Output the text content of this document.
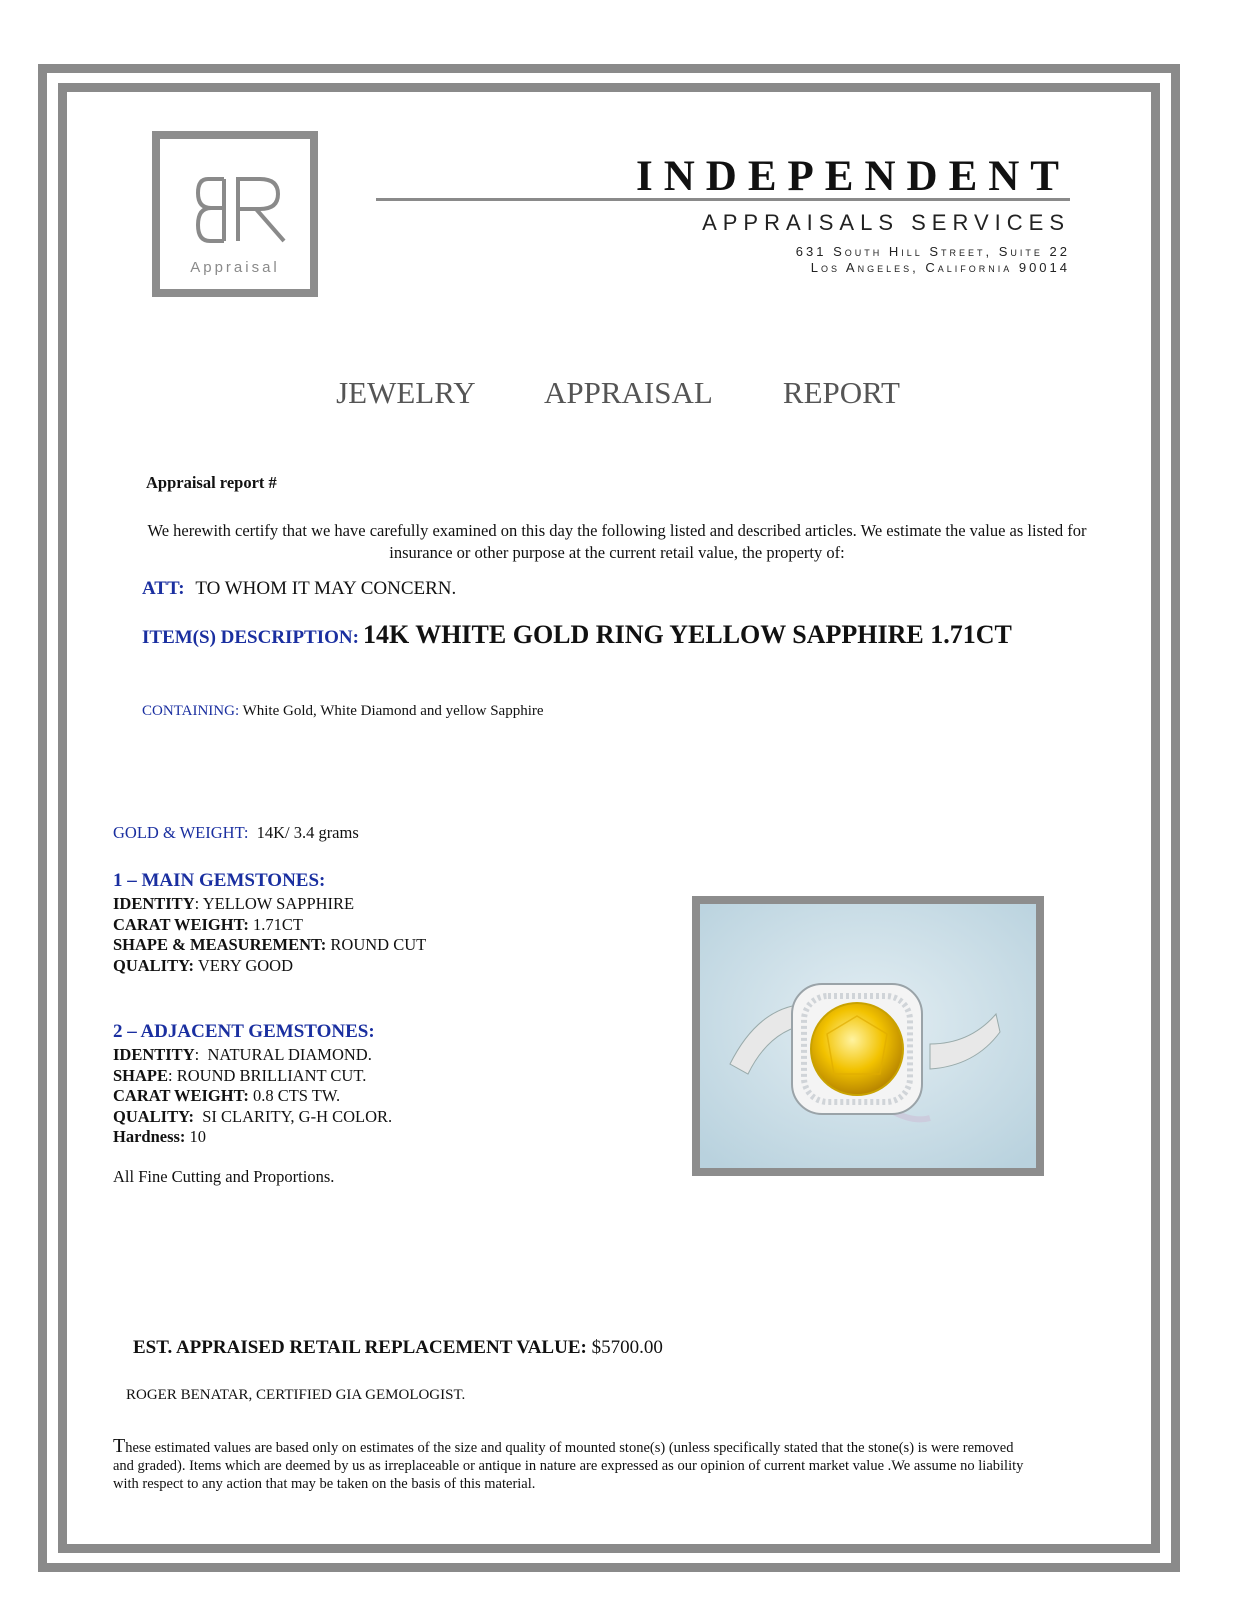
Appraisal
INDEPENDENT
APPRAISALS SERVICES
631 South Hill Street, Suite 22
Los Angeles, California 90014
JEWELRY   APPRAISAL   REPORT
Appraisal report #
We herewith certify that we have carefully examined on this day the following listed and described articles. We estimate the value as listed for insurance or other purpose at the current retail value, the property of:
ATT: TO WHOM IT MAY CONCERN.
ITEM(S) DESCRIPTION: 14K WHITE GOLD RING YELLOW SAPPHIRE 1.71CT
CONTAINING: White Gold, White Diamond and yellow Sapphire
GOLD & WEIGHT: 14K/ 3.4 grams
1 – MAIN GEMSTONES:
IDENTITY: YELLOW SAPPHIRE
CARAT WEIGHT: 1.71CT
SHAPE & MEASUREMENT: ROUND CUT
QUALITY: VERY GOOD
2 – ADJACENT GEMSTONES:
IDENTITY:  NATURAL DIAMOND.
SHAPE: ROUND BRILLIANT CUT.
CARAT WEIGHT: 0.8 CTS TW.
QUALITY: SI CLARITY, G-H COLOR.
Hardness: 10
All Fine Cutting and Proportions.
EST. APPRAISED RETAIL REPLACEMENT VALUE: $5700.00
ROGER BENATAR, CERTIFIED GIA GEMOLOGIST.
These estimated values are based only on estimates of the size and quality of mounted stone(s) (unless specifically stated that the stone(s) is were removed and graded). Items which are deemed by us as irreplaceable or antique in nature are expressed as our opinion of current market value .We assume no liability with respect to any action that may be taken on the basis of this material.
